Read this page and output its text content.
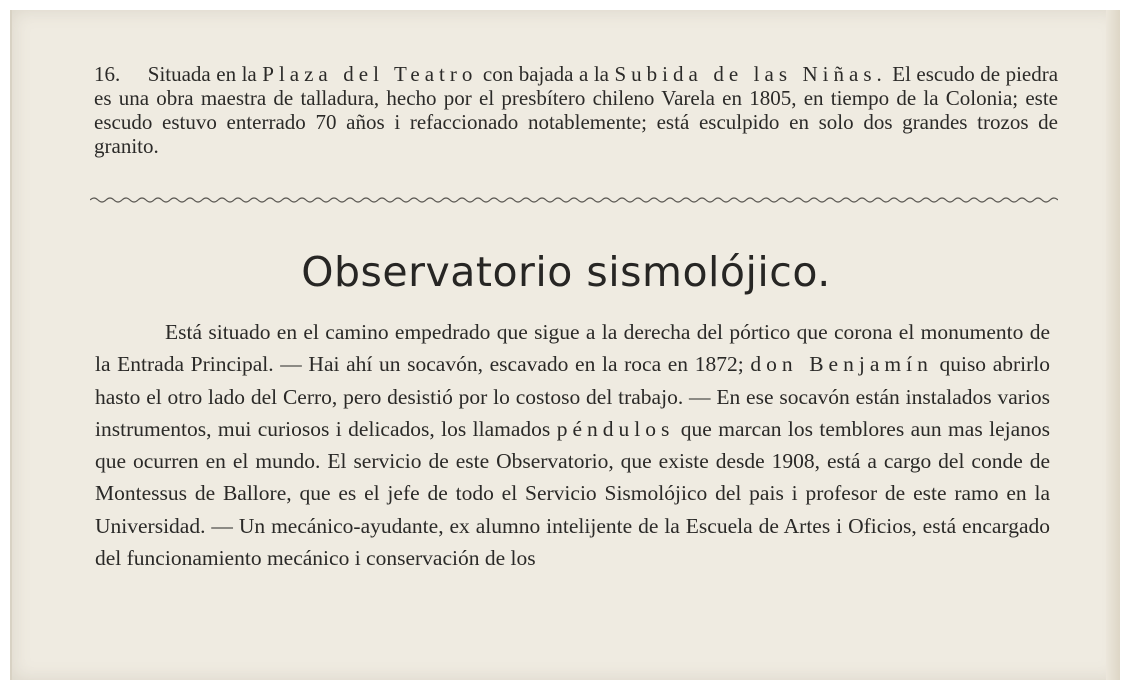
16. Situada en la Plaza del Teatro con bajada a la Subida de las Niñas. El escudo de piedra es una obra maestra de talladura, hecho por el presbítero chileno Varela en 1805, en tiempo de la Colonia; este escudo estuvo enterrado 70 años i refaccionado notablemente; está esculpido en solo dos grandes trozos de granito.

Observatorio sismolójico.

Está situado en el camino empedrado que sigue a la derecha del pórtico que corona el monumento de la Entrada Principal. — Hai ahí un socavón, escavado en la roca en 1872; don Benjamín quiso abrirlo hasto el otro lado del Cerro, pero desistió por lo costoso del trabajo. — En ese socavón están instalados varios instrumentos, mui curiosos i delicados, los llamados péndulos que marcan los temblores aun mas lejanos que ocurren en el mundo. El servicio de este Observatorio, que existe desde 1908, está a cargo del conde de Montessus de Ballore, que es el jefe de todo el Servicio Sismolójico del pais i profesor de este ramo en la Universidad. — Un mecánico-ayudante, ex alumno intelijente de la Escuela de Artes i Oficios, está encargado del funcionamiento mecánico i conservación de los
